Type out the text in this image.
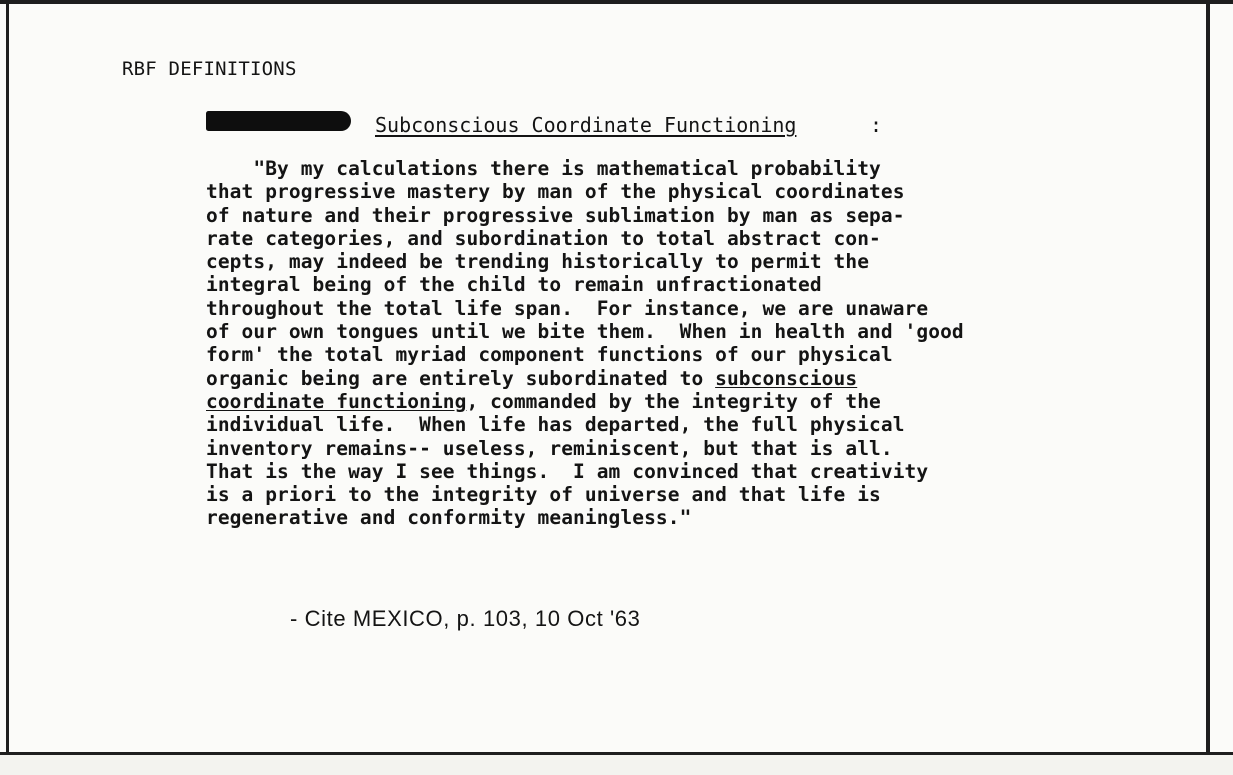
RBF DEFINITIONS
Subconscious Coordinate Functioning	:
"By my calculations there is mathematical probability
that progressive mastery by man of the physical coordinates
of nature and their progressive sublimation by man as sepa-
rate categories, and subordination to total abstract con-
cepts, may indeed be trending historically to permit the
integral being of the child to remain unfractionated
throughout the total life span.  For instance, we are unaware
of our own tongues until we bite them.  When in health and 'good
form' the total myriad component functions of our physical
organic being are entirely subordinated to subconscious
coordinate functioning, commanded by the integrity of the
individual life.  When life has departed, the full physical
inventory remains-- useless, reminiscent, but that is all.
That is the way I see things.  I am convinced that creativity
is a priori to the integrity of universe and that life is
regenerative and conformity meaningless."
- Cite MEXICO, p. 103, 10 Oct '63
